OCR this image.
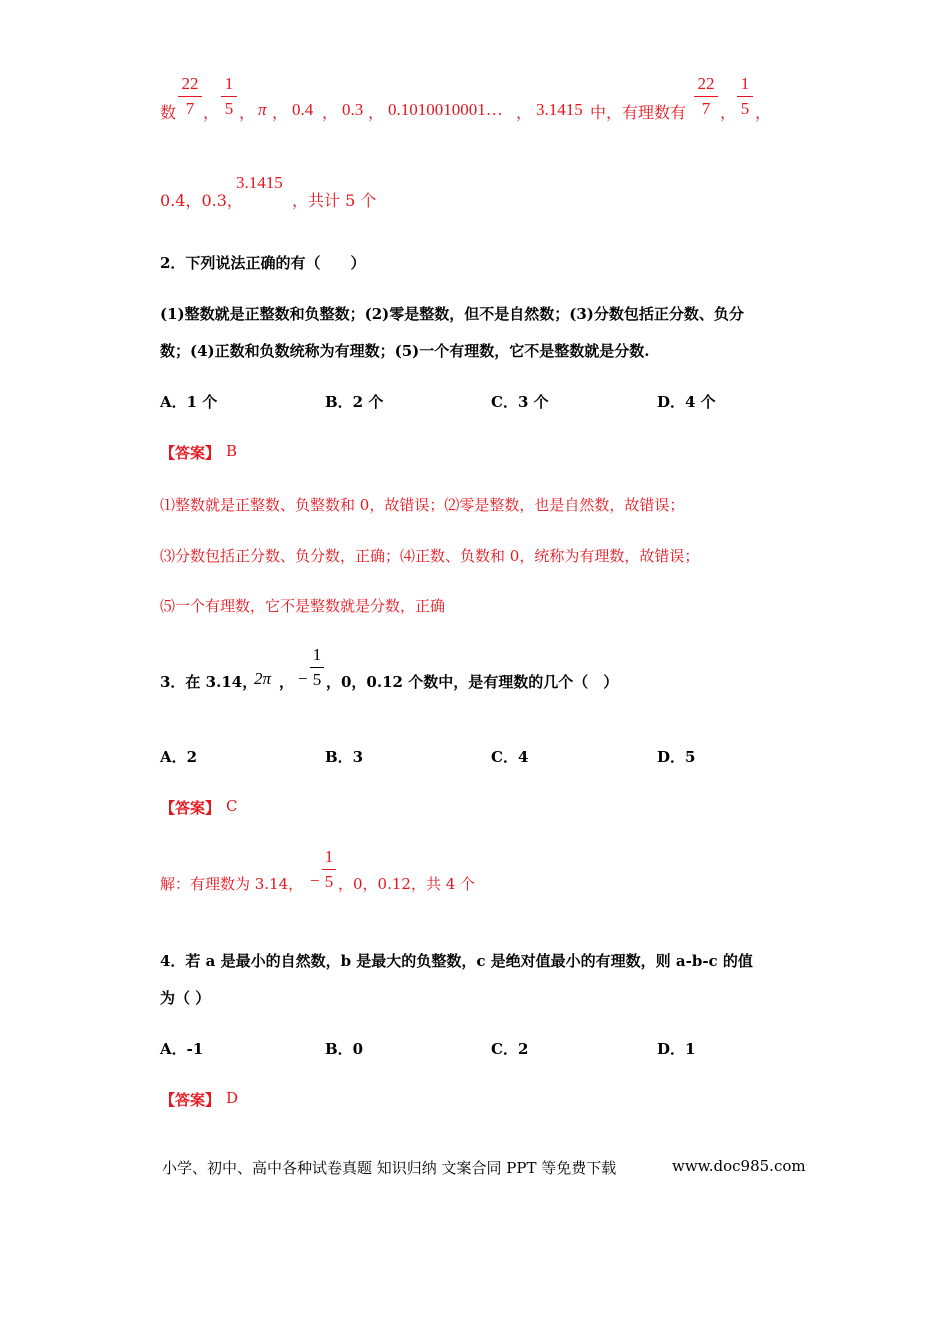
数
22
7 ，
1
5 ， π ， 0.4 ， 0.3 ， 0.1010010001… ， 3.1415 中，有理数有
22
7 ，
1
5 ，
0.4，0.3，
3.1415
，共计 5 个
2．下列说法正确的有（　　）
(1)整数就是正整数和负整数；(2)零是整数，但不是自然数；(3)分数包括正分数、负分
数；(4)正数和负数统称为有理数；(5)一个有理数，它不是整数就是分数.
A．1 个	B．2 个	C．3 个	D．4 个
【答案】 B
⑴整数就是正整数、负整数和 0，故错误；⑵零是整数，也是自然数，故错误；
⑶分数包括正分数、负分数，正确；⑷正数、负数和 0，统称为有理数，故错误；
⑸一个有理数，它不是整数就是分数，正确
3．在 3.14，
2π ， −
1
5 ，0，0.12 个数中，是有理数的几个（　）
A．2	B．3	C．4	D．5
【答案】 C
解：有理数为 3.14， −
1
5 ，0，0.12，共 4 个
4．若 a 是最小的自然数，b 是最大的负整数，c 是绝对值最小的有理数，则 a-b-c 的值
为（ ）
A．-1	B．0	C．2	D．1
【答案】 D
小学、初中、高中各种试卷真题 知识归纳 文案合同 PPT 等免费下载	www.doc985.com
